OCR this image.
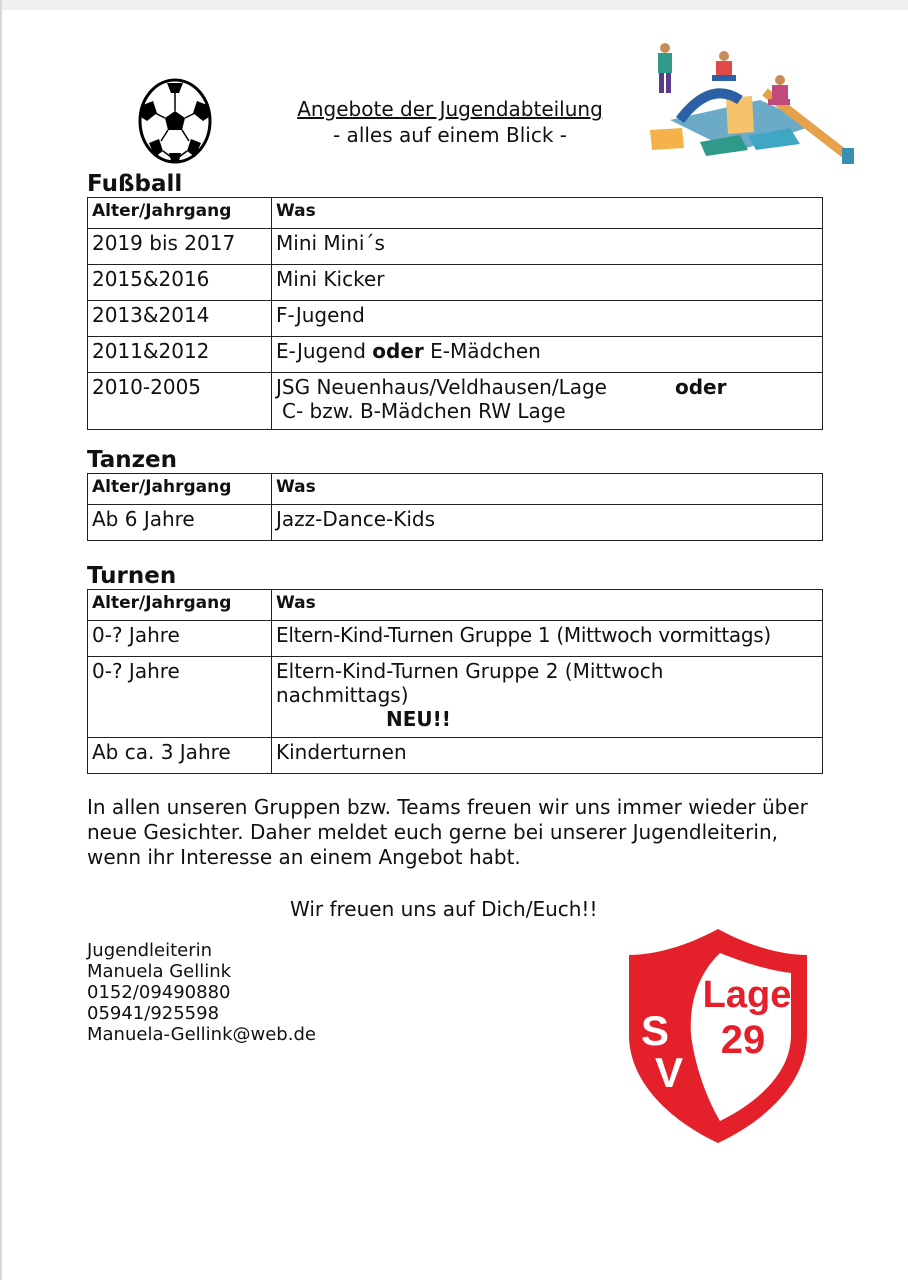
Angebote der Jugendabteilung
- alles auf einem Blick -
Fußball
Alter/Jahrgang	Was
2019 bis 2017	Mini Mini´s
2015&2016	Mini Kicker
2013&2014	F-Jugend
2011&2012	E-Jugend oder E-Mädchen
2010-2005	JSG Neuenhaus/Veldhausen/Lage oder
C- bzw. B-Mädchen RW Lage
Tanzen
Alter/Jahrgang	Was
Ab 6 Jahre	Jazz-Dance-Kids
Turnen
Alter/Jahrgang	Was
0-? Jahre	Eltern-Kind-Turnen Gruppe 1 (Mittwoch vormittags)
0-? Jahre	Eltern-Kind-Turnen Gruppe 2 (Mittwoch nachmittags)
NEU!!

Ab ca. 3 Jahre	Kinderturnen
In allen unseren Gruppen bzw. Teams freuen wir uns immer wieder über neue Gesichter. Daher meldet euch gerne bei unserer Jugendleiterin, wenn ihr Interesse an einem Angebot habt.
Wir freuen uns auf Dich/Euch!!
Jugendleiterin
Manuela Gellink
0152/09490880
05941/925598
Manuela-Gellink@web.de
Lage
29
S
V
